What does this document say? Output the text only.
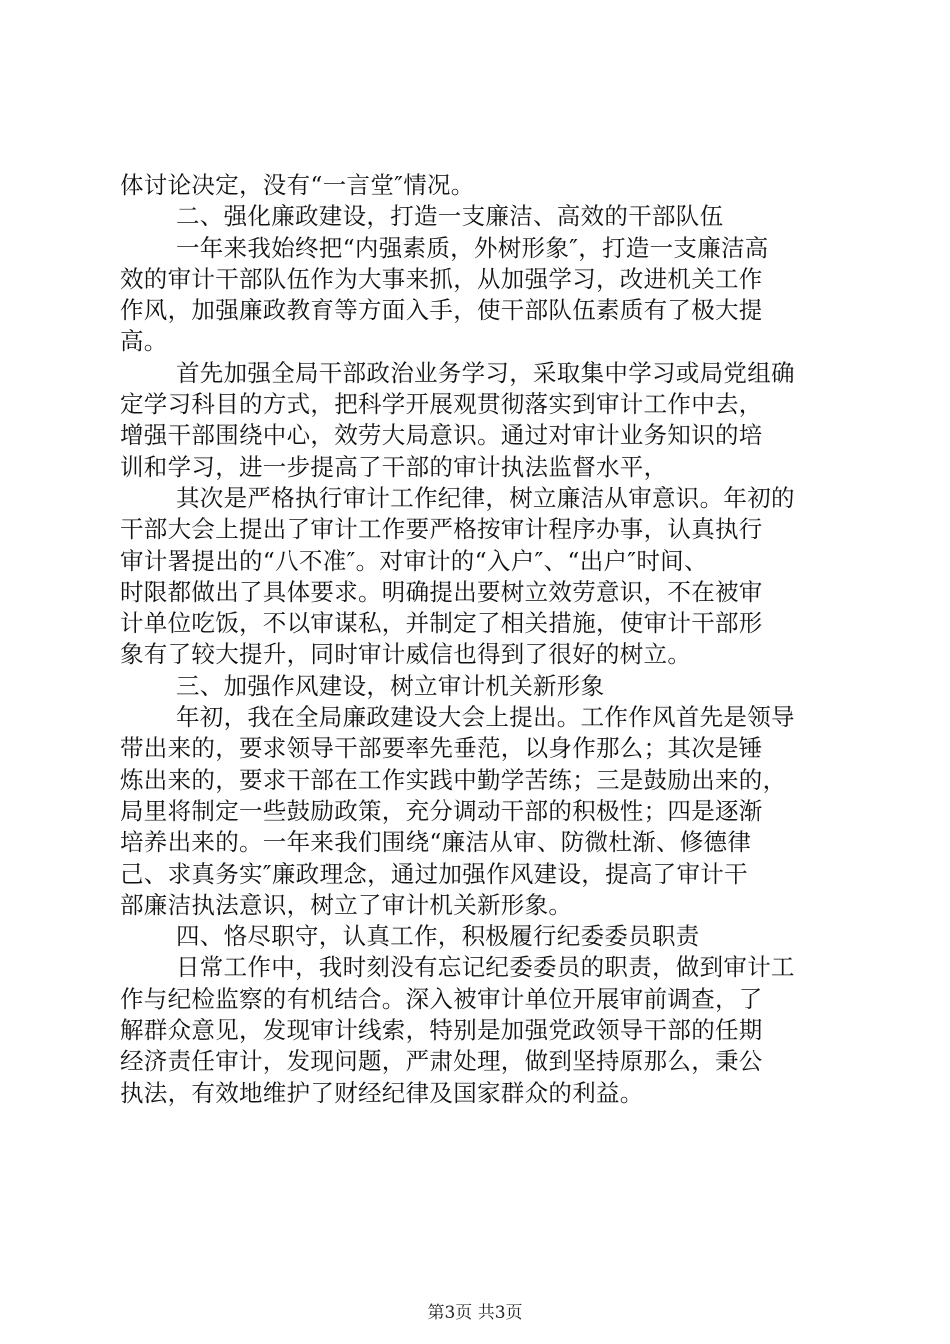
体讨论决定，没有“一言堂″情况。
二、强化廉政建设，打造一支廉洁、高效的干部队伍
一年来我始终把“内强素质，外树形象″，打造一支廉洁高
效的审计干部队伍作为大事来抓，从加强学习，改进机关工作
作风，加强廉政教育等方面入手，使干部队伍素质有了极大提
高。
首先加强全局干部政治业务学习，采取集中学习或局党组确
定学习科目的方式，把科学开展观贯彻落实到审计工作中去，
增强干部围绕中心，效劳大局意识。通过对审计业务知识的培
训和学习，进一步提高了干部的审计执法监督水平，
其次是严格执行审计工作纪律，树立廉洁从审意识。年初的
干部大会上提出了审计工作要严格按审计程序办事，认真执行
审计署提出的“八不准″。对审计的“入户″、“出户″时间、
时限都做出了具体要求。明确提出要树立效劳意识，不在被审
计单位吃饭，不以审谋私，并制定了相关措施，使审计干部形
象有了较大提升，同时审计威信也得到了很好的树立。
三、加强作风建设，树立审计机关新形象
年初，我在全局廉政建设大会上提出。工作作风首先是领导
带出来的，要求领导干部要率先垂范，以身作那么；其次是锤
炼出来的，要求干部在工作实践中勤学苦练；三是鼓励出来的，
局里将制定一些鼓励政策，充分调动干部的积极性；四是逐渐
培养出来的。一年来我们围绕“廉洁从审、防微杜渐、修德律
己、求真务实″廉政理念，通过加强作风建设，提高了审计干
部廉洁执法意识，树立了审计机关新形象。
四、恪尽职守，认真工作，积极履行纪委委员职责
日常工作中，我时刻没有忘记纪委委员的职责，做到审计工
作与纪检监察的有机结合。深入被审计单位开展审前调查，了
解群众意见，发现审计线索，特别是加强党政领导干部的任期
经济责任审计，发现问题，严肃处理，做到坚持原那么，秉公
执法，有效地维护了财经纪律及国家群众的利益。
第3页 共3页
